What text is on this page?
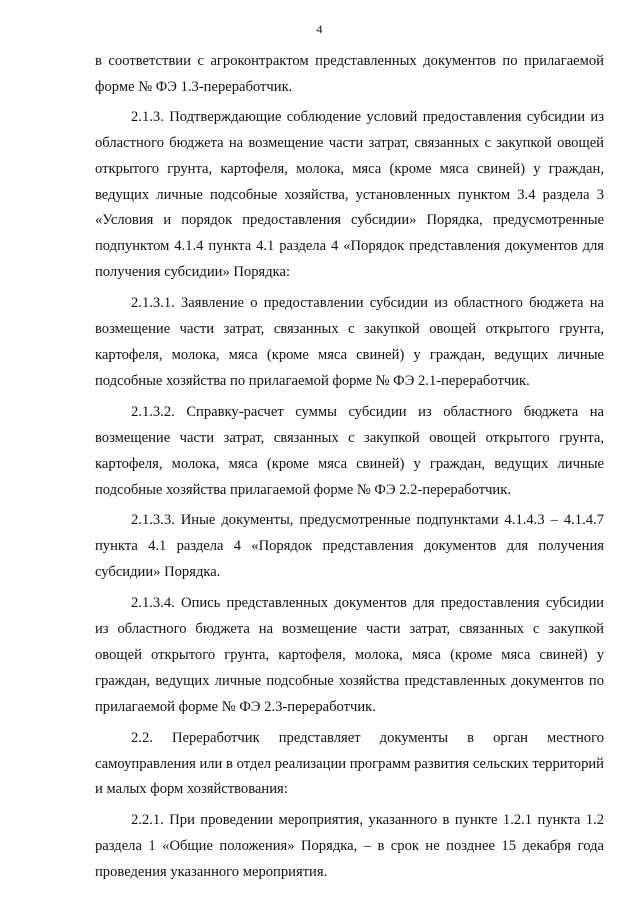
4

в соответствии с агроконтрактом представленных документов по прилагаемой форме № ФЭ 1.3-переработчик.

2.1.3. Подтверждающие соблюдение условий предоставления субсидии из областного бюджета на возмещение части затрат, связанных с закупкой овощей открытого грунта, картофеля, молока, мяса (кроме мяса свиней) у граждан, ведущих личные подсобные хозяйства, установленных пунктом 3.4 раздела 3 «Условия и порядок предоставления субсидии» Порядка, предусмотренные подпунктом 4.1.4 пункта 4.1 раздела 4 «Порядок представления документов для получения субсидии» Порядка:

2.1.3.1. Заявление о предоставлении субсидии из областного бюджета на возмещение части затрат, связанных с закупкой овощей открытого грунта, картофеля, молока, мяса (кроме мяса свиней) у граждан, ведущих личные подсобные хозяйства по прилагаемой форме № ФЭ 2.1-переработчик.

2.1.3.2. Справку-расчет суммы субсидии из областного бюджета на возмещение части затрат, связанных с закупкой овощей открытого грунта, картофеля, молока, мяса (кроме мяса свиней) у граждан, ведущих личные подсобные хозяйства прилагаемой форме № ФЭ 2.2-переработчик.

2.1.3.3. Иные документы, предусмотренные подпунктами 4.1.4.3 – 4.1.4.7 пункта 4.1 раздела 4 «Порядок представления документов для получения субсидии» Порядка.

2.1.3.4. Опись представленных документов для предоставления субсидии из областного бюджета на возмещение части затрат, связанных с закупкой овощей открытого грунта, картофеля, молока, мяса (кроме мяса свиней) у граждан, ведущих личные подсобные хозяйства представленных документов по прилагаемой форме № ФЭ 2.3-переработчик.

2.2. Переработчик представляет документы в орган местного самоуправления или в отдел реализации программ развития сельских территорий и малых форм хозяйствования:

2.2.1. При проведении мероприятия, указанного в пункте 1.2.1 пункта 1.2 раздела 1 «Общие положения» Порядка, – в срок не позднее 15 декабря года проведения указанного мероприятия.
